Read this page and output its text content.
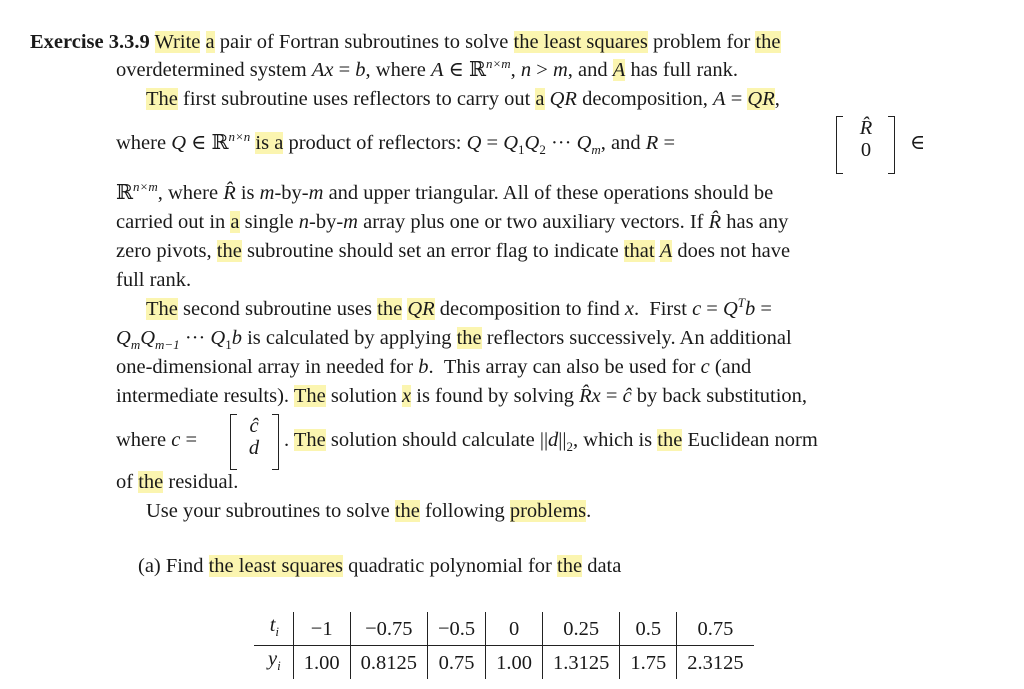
Exercise 3.3.9 Write a pair of Fortran subroutines to solve the least squares problem for the
overdetermined system Ax = b, where A ∈ ℝ$^{n\times m}$, n > m, and A has full rank.
The first subroutine uses reflectors to carry out a QR decomposition, A = QR,
where Q ∈ ℝ$^{n\times n}$ is a product of reflectors: $Q = Q_1Q_2$ ··· $Q_m$, and R =
R̂
0	∈
ℝ$^{n\times m}$, where R̂ is m-by-m and upper triangular. All of these operations should be
carried out in a single n-by-m array plus one or two auxiliary vectors. If R̂ has any
zero pivots, the subroutine should set an error flag to indicate that A does not have
full rank.
The second subroutine uses the QR decomposition to find x.  First $c = Q^Tb$ =
$Q_mQ_{m-1}$ ··· $Q_1b$ is calculated by applying the reflectors successively. An additional
one-dimensional array in needed for b.  This array can also be used for c (and
intermediate results). The solution x is found by solving R̂x = ĉ by back substitution,
where c =
ĉ
d	. The solution should calculate $||d||_2$, which is the Euclidean norm
of the residual.
Use your subroutines to solve the following problems.
(a) Find the least squares quadratic polynomial for the data
$t_i$	−1	−0.75	−0.5	0	0.25	0.5	0.75
$y_i$	1.00	0.8125	0.75	1.00	1.3125	1.75	2.3125
